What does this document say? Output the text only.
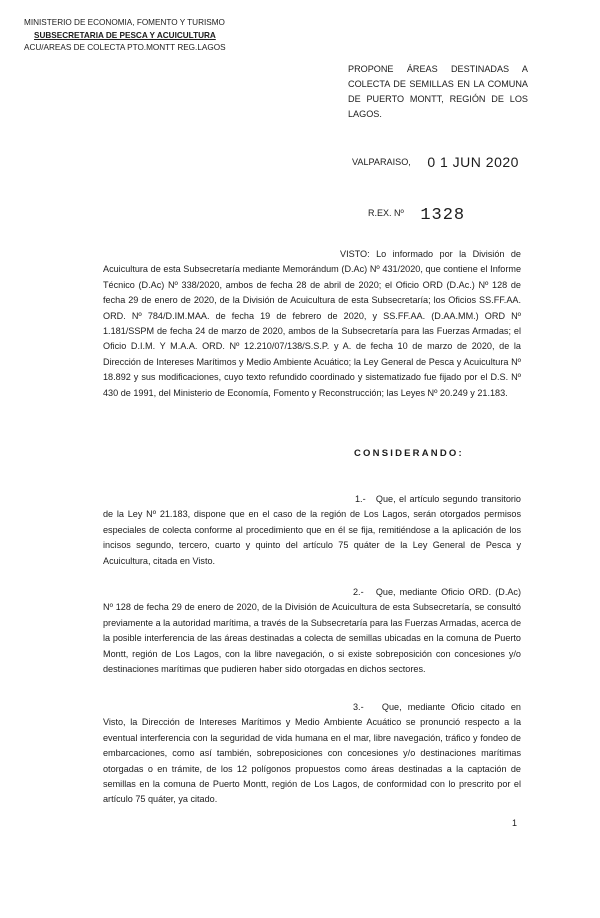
MINISTERIO DE ECONOMIA, FOMENTO Y TURISMO
SUBSECRETARIA DE PESCA Y ACUICULTURA
ACU/AREAS DE COLECTA PTO.MONTT REG.LAGOS
PROPONE ÁREAS DESTINADAS A COLECTA DE SEMILLAS EN LA COMUNA DE PUERTO MONTT, REGIÓN DE LOS LAGOS.
VALPARAISO, 0 1 JUN 2020
R.EX. Nº 1328

VISTO: Lo informado por la División de Acuicultura de esta Subsecretaría mediante Memorándum (D.Ac) Nº 431/2020, que contiene el Informe Técnico (D.Ac) Nº 338/2020, ambos de fecha 28 de abril de 2020; el Oficio ORD (D.Ac.) Nº 128 de fecha 29 de enero de 2020, de la División de Acuicultura de esta Subsecretaría; los Oficios SS.FF.AA. ORD. Nº 784/D.IM.MAA. de fecha 19 de febrero de 2020, y SS.FF.AA. (D.AA.MM.) ORD Nº 1.181/SSPM de fecha 24 de marzo de 2020, ambos de la Subsecretaría para las Fuerzas Armadas; el Oficio D.I.M. Y M.A.A. ORD. Nº 12.210/07/138/S.S.P. y A. de fecha 10 de marzo de 2020, de la Dirección de Intereses Marítimos y Medio Ambiente Acuático; la Ley General de Pesca y Acuicultura Nº 18.892 y sus modificaciones, cuyo texto refundido coordinado y sistematizado fue fijado por el D.S. Nº 430 de 1991, del Ministerio de Economía, Fomento y Reconstrucción; las Leyes Nº 20.249 y 21.183.

CONSIDERANDO:

1.- Que, el artículo segundo transitorio de la Ley Nº 21.183, dispone que en el caso de la región de Los Lagos, serán otorgados permisos especiales de colecta conforme al procedimiento que en él se fija, remitiéndose a la aplicación de los incisos segundo, tercero, cuarto y quinto del artículo 75 quáter de la Ley General de Pesca y Acuicultura, citada en Visto.

2.- Que, mediante Oficio ORD. (D.Ac) Nº 128 de fecha 29 de enero de 2020, de la División de Acuicultura de esta Subsecretaría, se consultó previamente a la autoridad marítima, a través de la Subsecretaría para las Fuerzas Armadas, acerca de la posible interferencia de las áreas destinadas a colecta de semillas ubicadas en la comuna de Puerto Montt, región de Los Lagos, con la libre navegación, o si existe sobreposición con concesiones y/o destinaciones marítimas que pudieren haber sido otorgadas en dichos sectores.

3.- Que, mediante Oficio citado en Visto, la Dirección de Intereses Marítimos y Medio Ambiente Acuático se pronunció respecto a la eventual interferencia con la seguridad de vida humana en el mar, libre navegación, tráfico y fondeo de embarcaciones, como así también, sobreposiciones con concesiones y/o destinaciones marítimas otorgadas o en trámite, de los 12 polígonos propuestos como áreas destinadas a la captación de semillas en la comuna de Puerto Montt, región de Los Lagos, de conformidad con lo prescrito por el artículo 75 quáter, ya citado.

1
